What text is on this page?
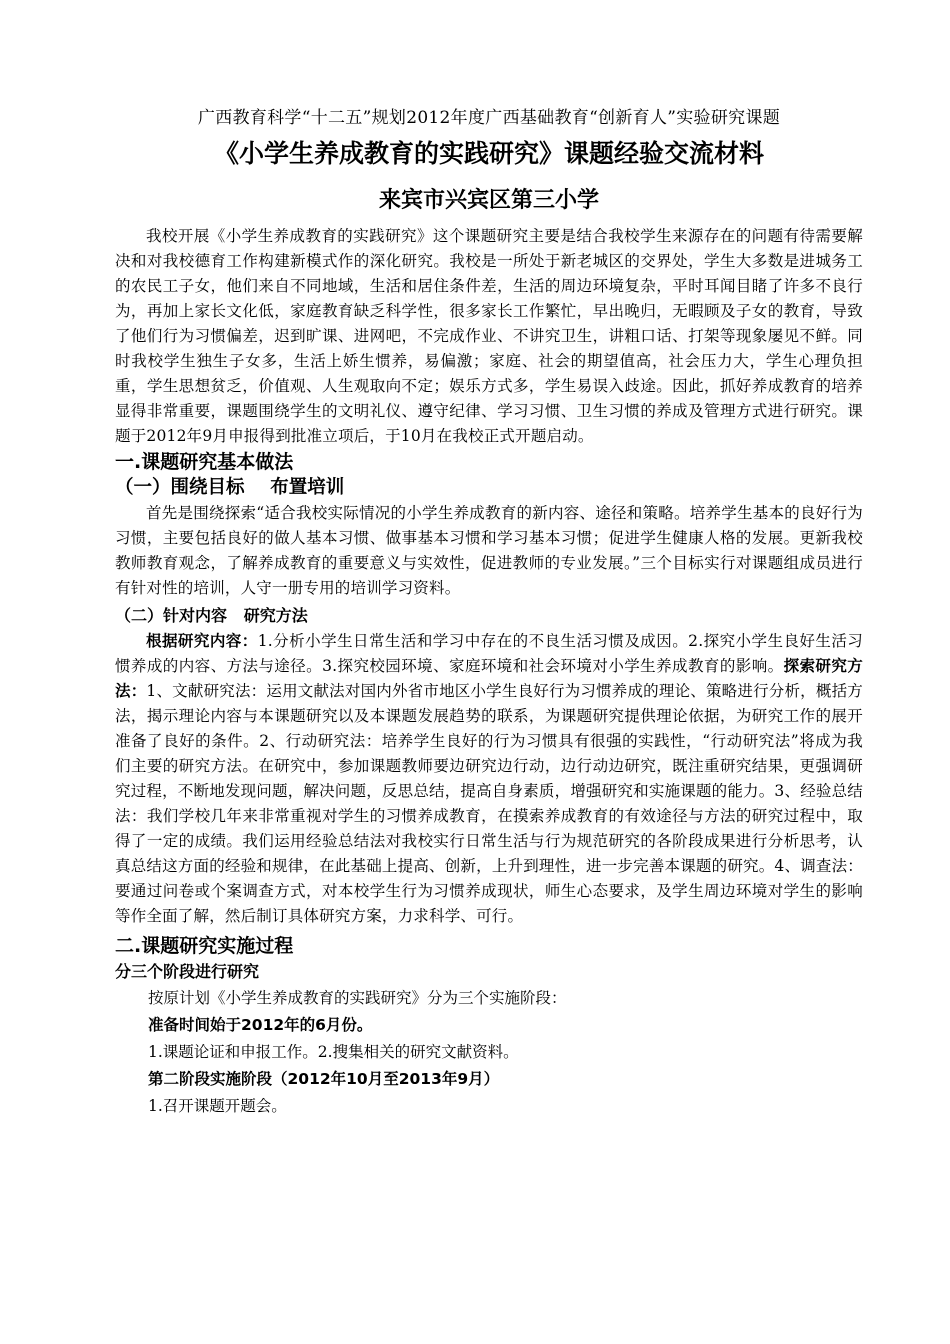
广西教育科学“十二五”规划2012年度广西基础教育“创新育人”实验研究课题

《小学生养成教育的实践研究》课题经验交流材料
来宾市兴宾区第三小学

我校开展《小学生养成教育的实践研究》这个课题研究主要是结合我校学生来源存在的问题有待需要解决和对我校德育工作构建新模式作的深化研究。我校是一所处于新老城区的交界处，学生大多数是进城务工的农民工子女，他们来自不同地域，生活和居住条件差，生活的周边环境复杂，平时耳闻目睹了许多不良行为，再加上家长文化低，家庭教育缺乏科学性，很多家长工作繁忙，早出晚归，无暇顾及子女的教育，导致了他们行为习惯偏差，迟到旷课、进网吧，不完成作业、不讲究卫生，讲粗口话、打架等现象屡见不鲜。同时我校学生独生子女多，生活上娇生惯养，易偏激；家庭、社会的期望值高，社会压力大，学生心理负担重，学生思想贫乏，价值观、人生观取向不定；娱乐方式多，学生易误入歧途。因此，抓好养成教育的培养显得非常重要，课题围绕学生的文明礼仪、遵守纪律、学习习惯、卫生习惯的养成及管理方式进行研究。课题于2012年9月申报得到批准立项后，于10月在我校正式开题启动。

一.课题研究基本做法
（一）围绕目标    布置培训

首先是围绕探索“适合我校实际情况的小学生养成教育的新内容、途径和策略。培养学生基本的良好行为习惯，主要包括良好的做人基本习惯、做事基本习惯和学习基本习惯；促进学生健康人格的发展。更新我校教师教育观念，了解养成教育的重要意义与实效性，促进教师的专业发展。”三个目标实行对课题组成员进行有针对性的培训，人守一册专用的培训学习资料。

（二）针对内容   研究方法

根据研究内容：1.分析小学生日常生活和学习中存在的不良生活习惯及成因。2.探究小学生良好生活习惯养成的内容、方法与途径。3.探究校园环境、家庭环境和社会环境对小学生养成教育的影响。探索研究方法：1、文献研究法：运用文献法对国内外省市地区小学生良好行为习惯养成的理论、策略进行分析，概括方法，揭示理论内容与本课题研究以及本课题发展趋势的联系，为课题研究提供理论依据，为研究工作的展开准备了良好的条件。2、行动研究法：培养学生良好的行为习惯具有很强的实践性，“行动研究法”将成为我们主要的研究方法。在研究中，参加课题教师要边研究边行动，边行动边研究，既注重研究结果，更强调研究过程，不断地发现问题，解决问题，反思总结，提高自身素质，增强研究和实施课题的能力。3、经验总结法：我们学校几年来非常重视对学生的习惯养成教育，在摸索养成教育的有效途径与方法的研究过程中，取得了一定的成绩。我们运用经验总结法对我校实行日常生活与行为规范研究的各阶段成果进行分析思考，认真总结这方面的经验和规律，在此基础上提高、创新，上升到理性，进一步完善本课题的研究。4、调查法：要通过问卷或个案调查方式，对本校学生行为习惯养成现状，师生心态要求，及学生周边环境对学生的影响等作全面了解，然后制订具体研究方案，力求科学、可行。

二.课题研究实施过程
分三个阶段进行研究

按原计划《小学生养成教育的实践研究》分为三个实施阶段：

准备时间始于2012年的6月份。

1.课题论证和申报工作。2.搜集相关的研究文献资料。

第二阶段实施阶段（2012年10月至2013年9月）

1.召开课题开题会。
